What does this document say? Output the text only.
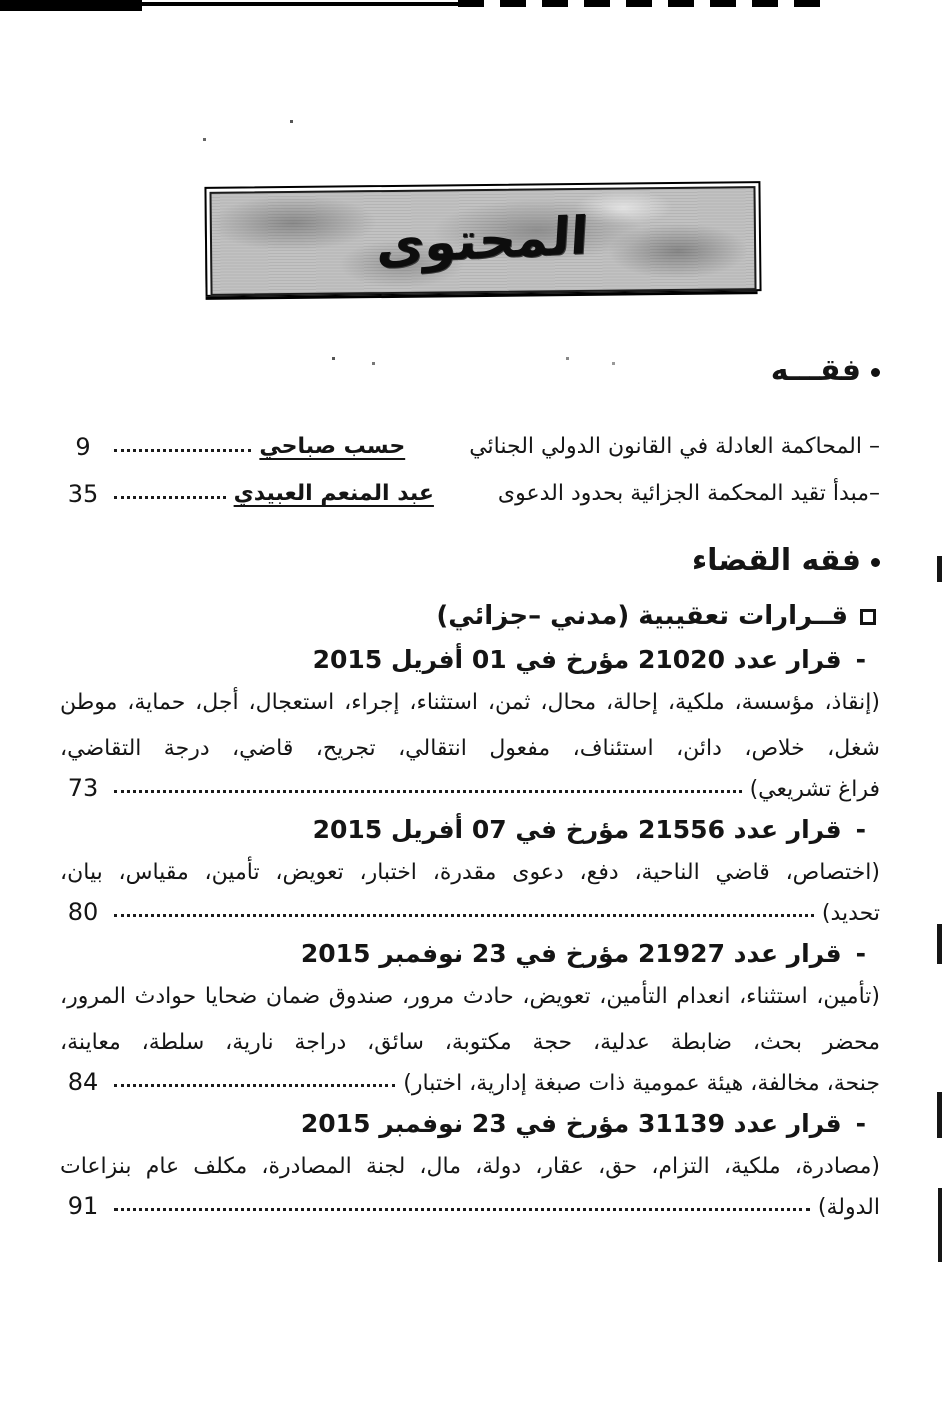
المحتوى
فقـــه
– المحاكمة العادلة في القانون الدولي الجنائي
حسب صباحي
9
–مبدأ تقيد المحكمة الجزائية بحدود الدعوى
عبد المنعم العبيدي
35
فقه القضاء
قــرارات تعقيبية (مدني –جزائي)
-
قرار عدد 21020 مؤرخ في 01 أفريل 2015
(إنقاذ، مؤسسة، ملكية، إحالة، محال، ثمن، استثناء، إجراء، استعجال، أجل، حماية، موطن شغل، خلاص، دائن، استئناف، مفعول انتقالي، تجريح، قاضي، درجة التقاضي،
فراغ تشريعي)
73
-
قرار عدد 21556 مؤرخ في 07 أفريل 2015
(اختصاص، قاضي الناحية، دفع، دعوى مقدرة، اختبار، تعويض، تأمين، مقياس، بيان،
تحديد)
80
-
قرار عدد 21927 مؤرخ في 23 نوفمبر 2015
(تأمين، استثناء، انعدام التأمين، تعويض، حادث مرور، صندوق ضمان ضحايا حوادث المرور، محضر بحث، ضابطة عدلية، حجة مكتوبة، سائق، دراجة نارية، سلطة، معاينة،
جنحة، مخالفة، هيئة عمومية ذات صبغة إدارية، اختبار)
84
-
قرار عدد 31139 مؤرخ في 23 نوفمبر 2015
(مصادرة، ملكية، التزام، حق، عقار، دولة، مال، لجنة المصادرة، مكلف عام بنزاعات
الدولة)
91
